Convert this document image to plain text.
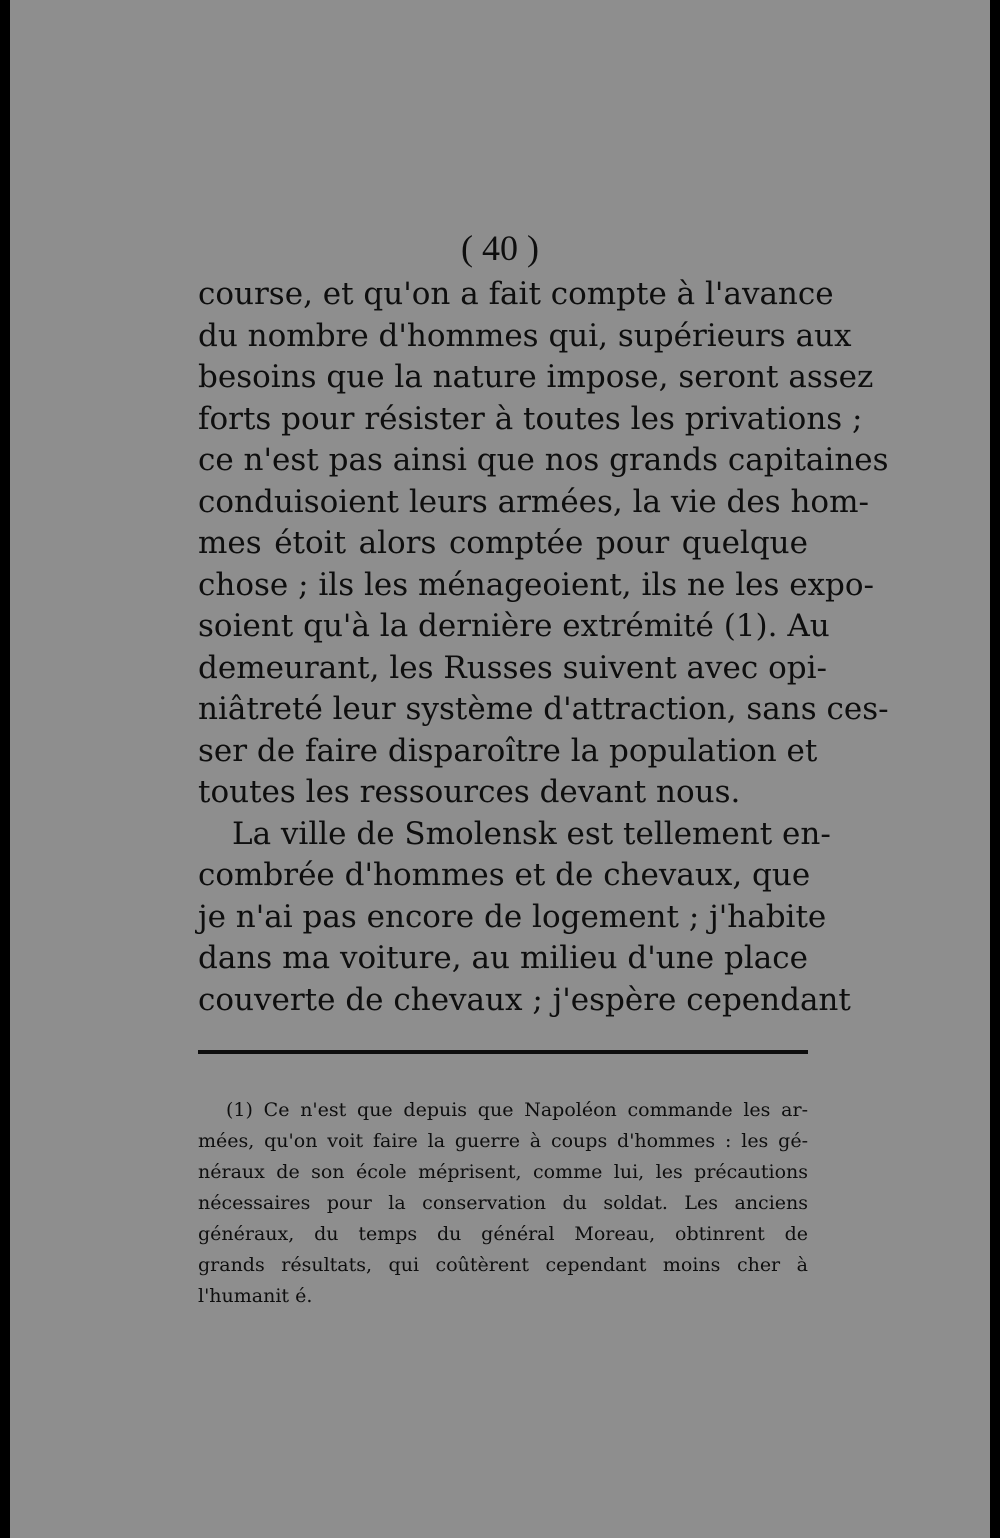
( 40 )
course, et qu'on a fait compte à l'avance
du nombre d'hommes qui, supérieurs aux
besoins que la nature impose, seront assez
forts pour résister à toutes les privations ;
ce n'est pas ainsi que nos grands capitaines
conduisoient leurs armées, la vie des hom-
mes étoit alors comptée pour quelque
chose ; ils les ménageoient, ils ne les expo-
soient qu'à la dernière extrémité (1). Au
demeurant, les Russes suivent avec opi-
niâtreté leur système d'attraction, sans ces-
ser de faire disparoître la population et
toutes les ressources devant nous.
La ville de Smolensk est tellement en-
combrée d'hommes et de chevaux, que
je n'ai pas encore de logement ; j'habite
dans ma voiture, au milieu d'une place
couverte de chevaux ; j'espère cependant
(1) Ce n'est que depuis que Napoléon commande les ar-
mées, qu'on voit faire la guerre à coups d'hommes : les gé-
néraux de son école méprisent, comme lui, les précautions
nécessaires pour la conservation du soldat. Les anciens
généraux, du temps du général Moreau, obtinrent de
grands résultats, qui coûtèrent cependant moins cher à
l'humanit é.
